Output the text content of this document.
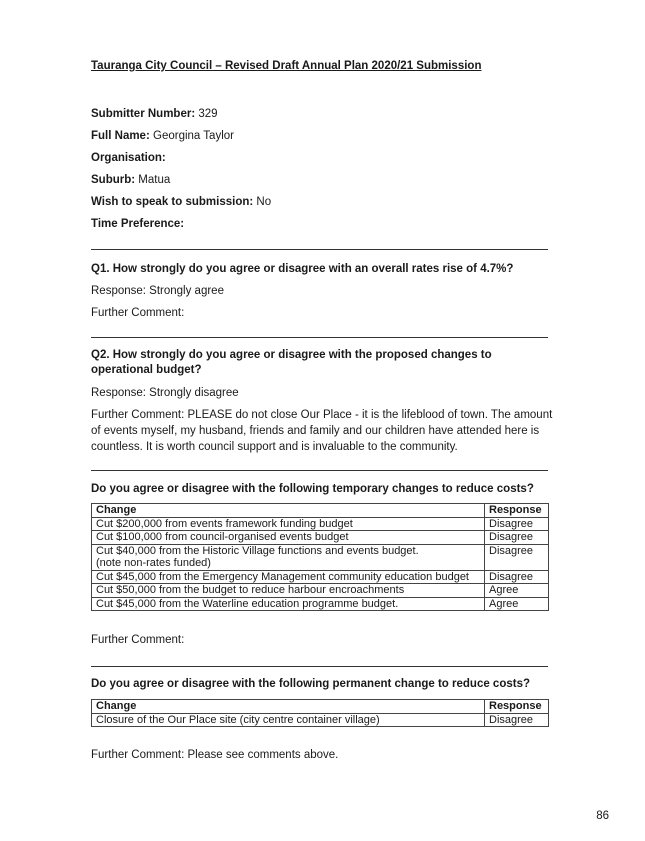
Tauranga City Council – Revised Draft Annual Plan 2020/21 Submission
Submitter Number: 329
Full Name: Georgina Taylor
Organisation:
Suburb: Matua
Wish to speak to submission: No
Time Preference:
Q1. How strongly do you agree or disagree with an overall rates rise of 4.7%?
Response: Strongly agree
Further Comment:
Q2. How strongly do you agree or disagree with the proposed changes to operational budget?
Response: Strongly disagree
Further Comment: PLEASE do not close Our Place - it is the lifeblood of town. The amount of events myself, my husband, friends and family and our children have attended here is countless. It is worth council support and is invaluable to the community.
Do you agree or disagree with the following temporary changes to reduce costs?
Change	Response
Cut $200,000 from events framework funding budget	Disagree
Cut $100,000 from council-organised events budget	Disagree
Cut $40,000 from the Historic Village functions and events budget.
(note non-rates funded)	Disagree
Cut $45,000 from the Emergency Management community education budget	Disagree
Cut $50,000 from the budget to reduce harbour encroachments	Agree
Cut $45,000 from the Waterline education programme budget.	Agree
Further Comment:
Do you agree or disagree with the following permanent change to reduce costs?
Change	Response
Closure of the Our Place site (city centre container village)	Disagree
Further Comment: Please see comments above.
86
